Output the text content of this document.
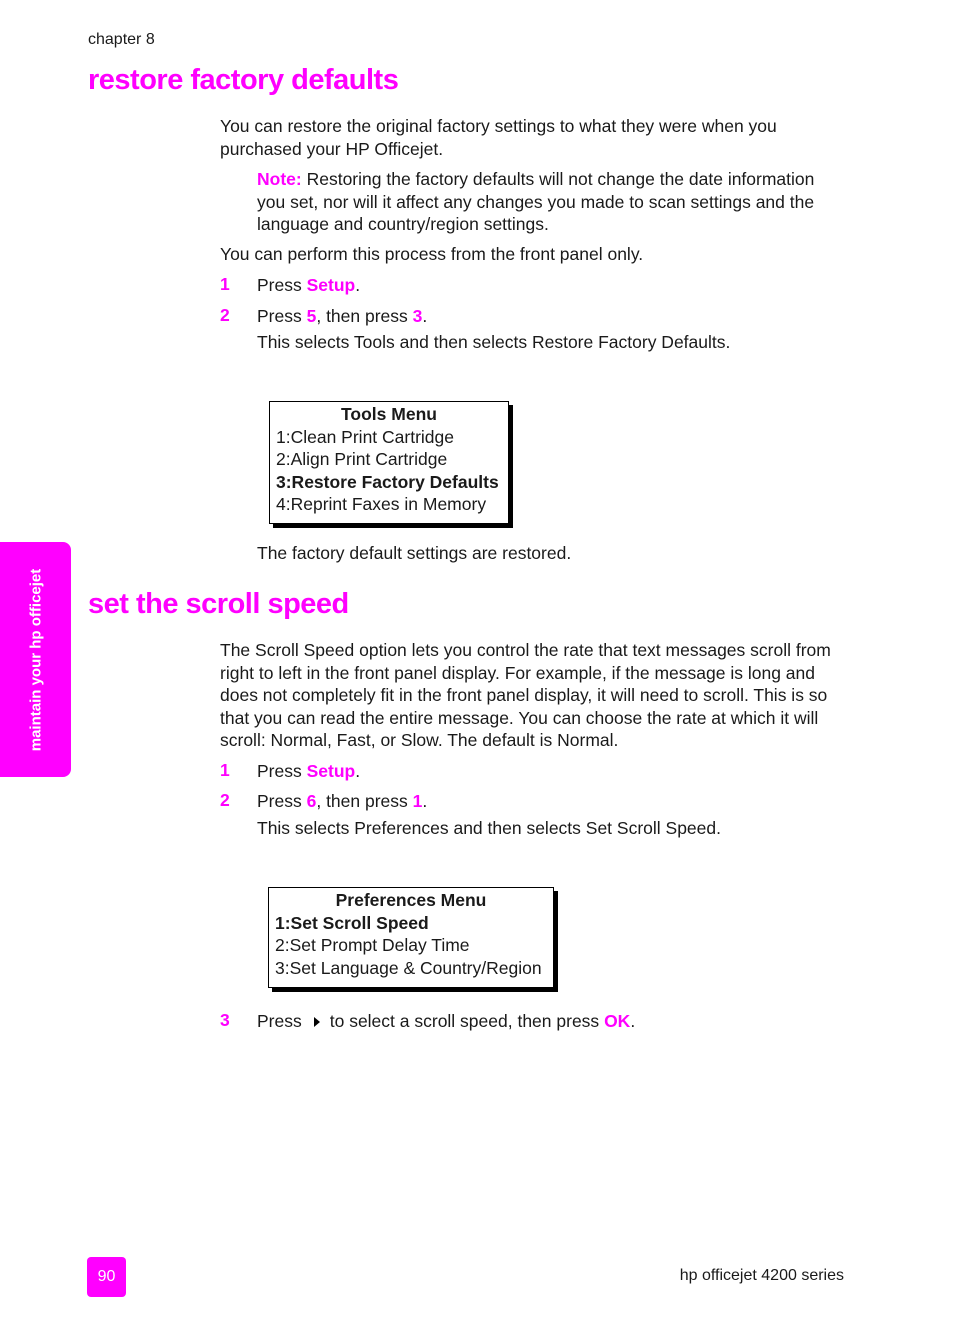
chapter 8
restore factory defaults
You can restore the original factory settings to what they were when you purchased your HP Officejet.
Note: Restoring the factory defaults will not change the date information you set, nor will it affect any changes you made to scan settings and the language and country/region settings.
You can perform this process from the front panel only.
1 Press Setup.
2 Press 5, then press 3.
This selects Tools and then selects Restore Factory Defaults.
Tools Menu
1:Clean Print Cartridge
2:Align Print Cartridge
3:Restore Factory Defaults
4:Reprint Faxes in Memory
The factory default settings are restored.
set the scroll speed
The Scroll Speed option lets you control the rate that text messages scroll from right to left in the front panel display. For example, if the message is long and does not completely fit in the front panel display, it will need to scroll. This is so that you can read the entire message. You can choose the rate at which it will scroll: Normal, Fast, or Slow. The default is Normal.
1 Press Setup.
2 Press 6, then press 1.
This selects Preferences and then selects Set Scroll Speed.
Preferences Menu
1:Set Scroll Speed
2:Set Prompt Delay Time
3:Set Language & Country/Region
3 Press to select a scroll speed, then press OK.
maintain your hp officejet
90	hp officejet 4200 series
